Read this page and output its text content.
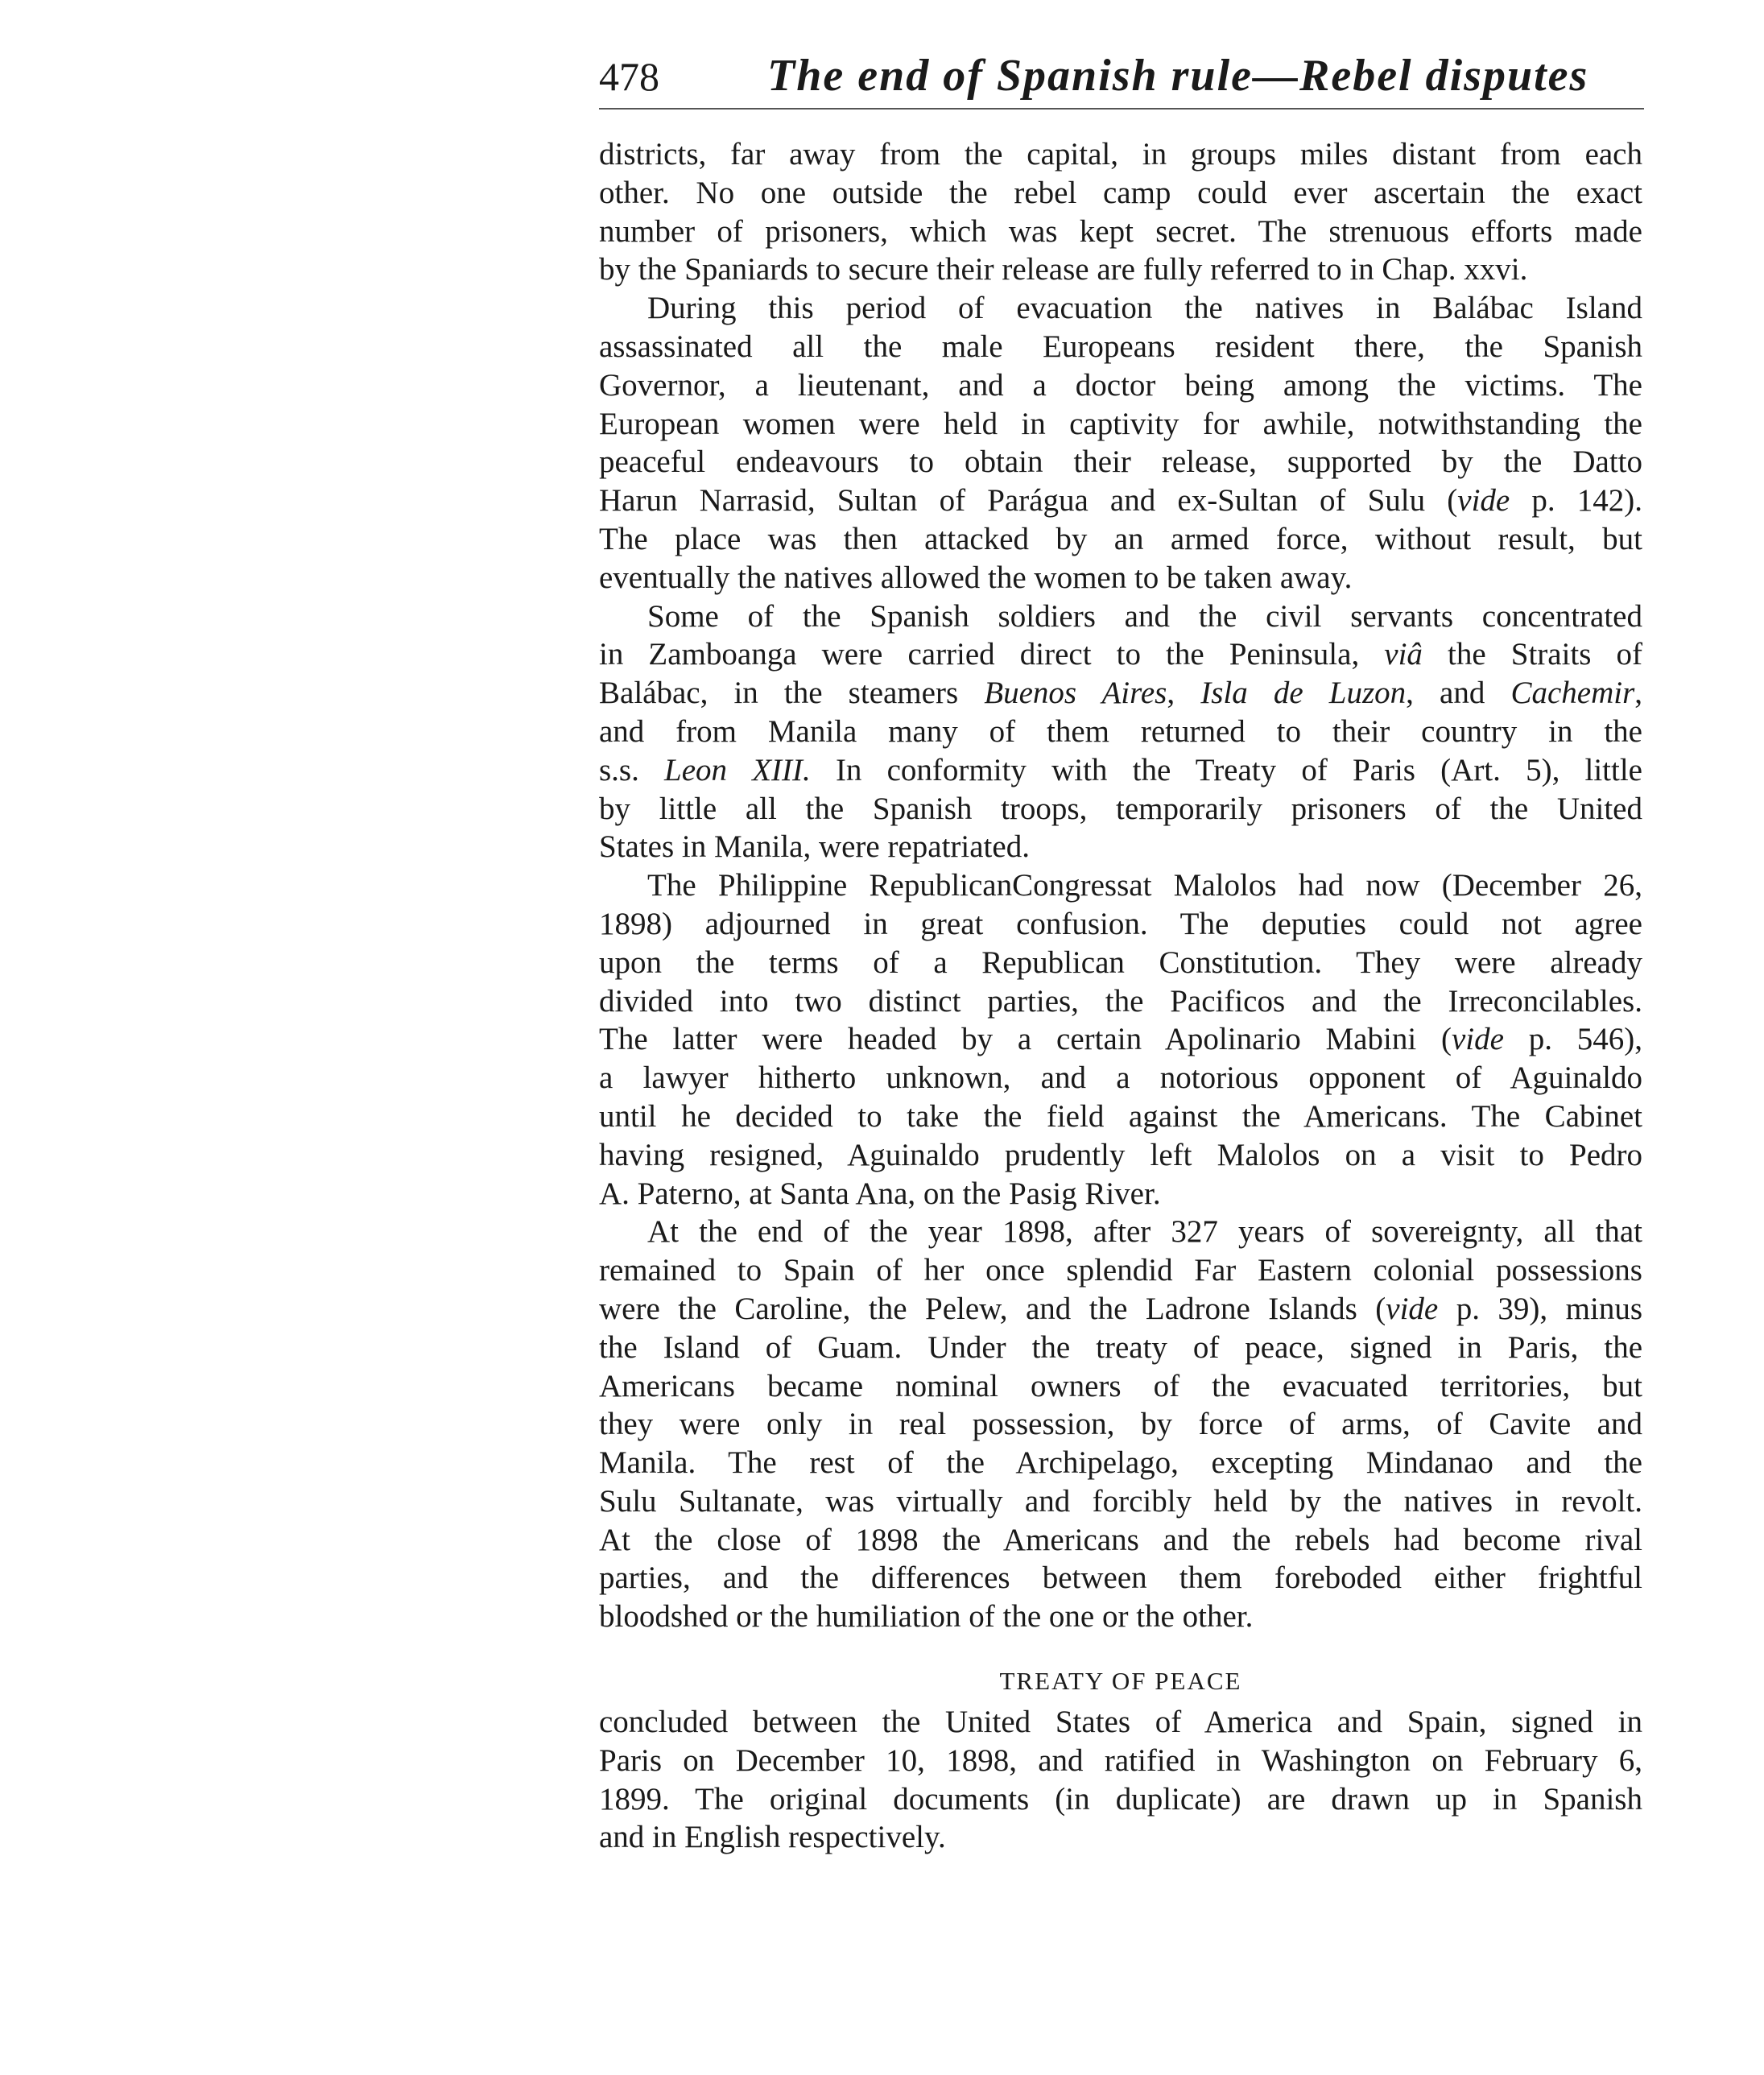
478 The end of Spanish rule—Rebel disputes
districts, far away from the capital, in groups miles distant from each
other. No one outside the rebel camp could ever ascertain the exact
number of prisoners, which was kept secret. The strenuous efforts made
by the Spaniards to secure their release are fully referred to in Chap. xxvi.
During this period of evacuation the natives in Balábac Island
assassinated all the male Europeans resident there, the Spanish
Governor, a lieutenant, and a doctor being among the victims. The
European women were held in captivity for awhile, notwithstanding the
peaceful endeavours to obtain their release, supported by the Datto
Harun Narrasid, Sultan of Parágua and ex-Sultan of Sulu (vide p. 142).
The place was then attacked by an armed force, without result, but
eventually the natives allowed the women to be taken away.
Some of the Spanish soldiers and the civil servants concentrated
in Zamboanga were carried direct to the Peninsula, viâ the Straits of
Balábac, in the steamers Buenos Aires, Isla de Luzon, and Cachemir,
and from Manila many of them returned to their country in the
s.s. Leon XIII. In conformity with the Treaty of Paris (Art. 5), little
by little all the Spanish troops, temporarily prisoners of the United
States in Manila, were repatriated.
The Philippine RepublicanCongressat Malolos had now (December 26,
1898) adjourned in great confusion. The deputies could not agree
upon the terms of a Republican Constitution. They were already
divided into two distinct parties, the Pacificos and the Irreconcilables.
The latter were headed by a certain Apolinario Mabini (vide p. 546),
a lawyer hitherto unknown, and a notorious opponent of Aguinaldo
until he decided to take the field against the Americans. The Cabinet
having resigned, Aguinaldo prudently left Malolos on a visit to Pedro
A. Paterno, at Santa Ana, on the Pasig River.
At the end of the year 1898, after 327 years of sovereignty, all that
remained to Spain of her once splendid Far Eastern colonial possessions
were the Caroline, the Pelew, and the Ladrone Islands (vide p. 39), minus
the Island of Guam. Under the treaty of peace, signed in Paris, the
Americans became nominal owners of the evacuated territories, but
they were only in real possession, by force of arms, of Cavite and
Manila. The rest of the Archipelago, excepting Mindanao and the
Sulu Sultanate, was virtually and forcibly held by the natives in revolt.
At the close of 1898 the Americans and the rebels had become rival
parties, and the differences between them foreboded either frightful
bloodshed or the humiliation of the one or the other.
TREATY OF PEACE
concluded between the United States of America and Spain, signed in
Paris on December 10, 1898, and ratified in Washington on February 6,
1899. The original documents (in duplicate) are drawn up in Spanish
and in English respectively.
